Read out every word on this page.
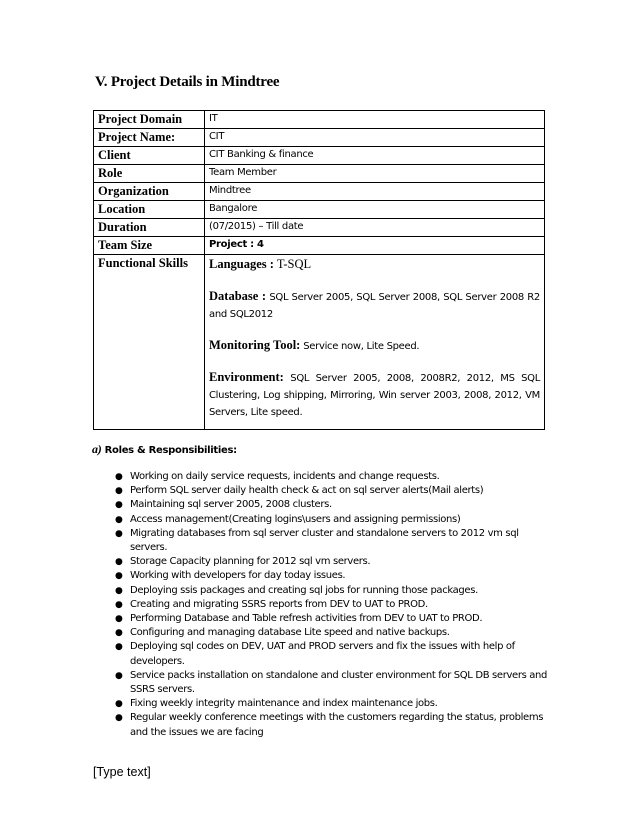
V. Project Details in Mindtree
Project Domain	IT
Project Name:	CIT
Client	CIT Banking & finance
Role	Team Member
Organization	Mindtree
Location	Bangalore
Duration	(07/2015) – Till date
Team Size	Project : 4
Functional Skills	Languages : T-SQL
Database : SQL Server 2005, SQL Server 2008, SQL Server 2008 R2 and SQL2012
Monitoring Tool: Service now, Lite Speed.
Environment: SQL Server 2005, 2008, 2008R2, 2012, MS SQL Clustering, Log shipping, Mirroring, Win server 2003, 2008, 2012, VM Servers, Lite speed.
a) Roles & Responsibilities:
● Working on daily service requests, incidents and change requests.
● Perform SQL server daily health check & act on sql server alerts(Mail alerts)
● Maintaining sql server 2005, 2008 clusters.
● Access management(Creating logins\users and assigning permissions)
● Migrating databases from sql server cluster and standalone servers to 2012 vm sql servers.
● Storage Capacity planning for 2012 sql vm servers.
● Working with developers for day today issues.
● Deploying ssis packages and creating sql jobs for running those packages.
● Creating and migrating SSRS reports from DEV to UAT to PROD.
● Performing Database and Table refresh activities from DEV to UAT to PROD.
● Configuring and managing database Lite speed and native backups.
● Deploying sql codes on DEV, UAT and PROD servers and fix the issues with help of developers.
● Service packs installation on standalone and cluster environment for SQL DB servers and SSRS servers.
● Fixing weekly integrity maintenance and index maintenance jobs.
● Regular weekly conference meetings with the customers regarding the status, problems and the issues we are facing
[Type text]
